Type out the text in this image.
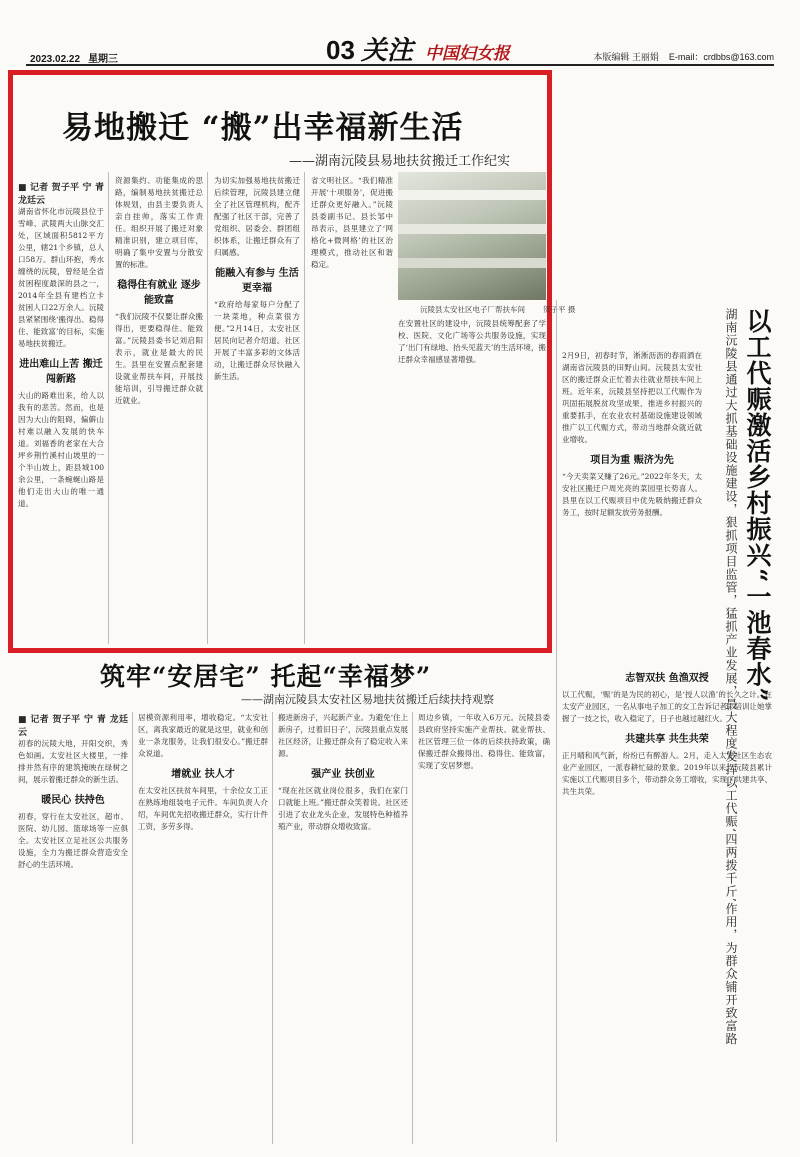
2023.02.22 星期三	03 关注 中国妇女报	本版编辑 王丽娟 E-mail：crdbbs@163.com
易地搬迁 “搬”出幸福新生活
——湖南沅陵县易地扶贫搬迁工作纪实
■ 记者 贺子平 宁 青 龙廷云

湖南省怀化市沅陵县位于雪峰、武陵两大山脉交汇处，区域面积5812平方公里，辖21个乡镇，总人口58万。群山环抱，秀水缠绕的沅陵，曾经是全省贫困程度最深的县之一，2014年全县有建档立卡贫困人口22万余人。沅陵县紧紧围绕‘搬得出、稳得住、能致富’的目标，实施易地扶贫搬迁。

进出难山上苦 搬迁闯新路

大山的路难出来，给人以我有的悲苦。然而，也是因为大山的阻碍，偏僻山村难以融入发展的快车道。刘福香的老家在大合坪乡荆竹溪村山坡里的一个半山坡上，距县城100余公里，一条蜿蜒山路是他们走出大山的唯一通道。

资源集约、功能集成的思路，编制易地扶贫搬迁总体规划，由县主要负责人亲自挂帅，落实工作责任。组织开展了搬迁对象精准识别，建立项目库，明确了集中安置与分散安置的标准。

稳得住有就业 逐步能致富

“我们沅陵不仅要让群众搬得出，更要稳得住、能致富。”沅陵县委书记刘启阳表示，就业是最大的民生。县里在安置点配套建设就业帮扶车间，开展技能培训，引导搬迁群众就近就业。

为切实加强易地扶贫搬迁后续管理，沅陵县建立健全了社区管理机构，配齐配强了社区干部，完善了党组织、居委会、群团组织体系，让搬迁群众有了归属感。

能融入有参与 生活更幸福

“政府给每家每户分配了一块菜地，种点菜很方便。”2月14日，太安社区居民向记者介绍道。社区开展了丰富多彩的文体活动，让搬迁群众尽快融入新生活。

省文明社区。“我们精准开展‘十项服务’，促进搬迁群众更好融入。”沅陵县委副书记、县长邹中昂表示，县里建立了‘网格化+微网格’的社区治理模式，推动社区和谐稳定。

在安置社区的建设中，沅陵县统筹配套了学校、医院、文化广场等公共服务设施，实现了‘出门有绿地、抬头见蓝天’的生活环境，搬迁群众幸福感显著增强。

沅陵县太安社区电子厂帮扶车间 贺子平 摄	以工代赈激活乡村振兴“一池春水”
湖南沅陵县通过大抓基础设施建设，狠抓项目监管，猛抓产业发展，最大程度发挥以工代赈‘四两拨千斤’作用，为群众铺开致富路

2月9日，初春时节，淅淅沥沥的春雨洒在湖南省沅陵县的田野山间。沅陵县太安社区的搬迁群众正忙着去往就业帮扶车间上班。近年来，沅陵县坚持把以工代赈作为巩固拓展脱贫攻坚成果、推进乡村振兴的重要抓手，在农业农村基础设施建设领域推广以工代赈方式，带动当地群众就近就业增收。

项目为重 赈济为先

“今天卖菜又赚了26元。”2022年冬天，太安社区搬迁户周光亮的菜园里长势喜人。县里在以工代赈项目中优先吸纳搬迁群众务工，按时足额发放劳务报酬。

志智双扶 鱼渔双授

以工代赈，‘赈’的是为民的初心，是‘授人以渔’的长久之计。在太安产业园区，一名从事电子加工的女工告诉记者，培训让她掌握了一技之长，收入稳定了，日子也越过越红火。

共建共享 共生共荣

正月晴和风气新，纷纷已有醉游人。2月，走入太安社区生态农业产业园区，一派春耕忙碌的景象。2019年以来，沅陵县累计实施以工代赈项目多个，带动群众务工增收，实现了共建共享、共生共荣。

筑牢“安居宅” 托起“幸福梦”
——湖南沅陵县太安社区易地扶贫搬迁后续扶持观察
■ 记者 贺子平 宁 青 龙廷云

初春的沅陵大地，开阳交织，秀色如画。太安社区大楼里，一排排井然有序的建筑掩映在绿树之间，展示着搬迁群众的新生活。

暖民心 扶持色

初春，穿行在太安社区，超市、医院、幼儿园、篮球场等一应俱全。太安社区立足社区公共服务设施，全力为搬迁群众营造安全舒心的生活环境。

居模资源利用率，增收稳定。“太安社区，离我家最近的就是这里，就业和创业一条龙服务，让我们很安心。”搬迁群众说道。

增就业 扶人才

在太安社区扶贫车间里，十余位女工正在熟练地组装电子元件。车间负责人介绍，车间优先招收搬迁群众，实行计件工资，多劳多得。

搬进新房子，兴起新产业。为避免‘住上新房子，过着旧日子’，沅陵县重点发展社区经济，让搬迁群众有了稳定收入来源。

强产业 扶创业

“现在社区就业岗位很多，我们在家门口就能上班。”搬迁群众笑着说。社区还引进了农业龙头企业，发展特色种植养殖产业，带动群众增收致富。

周边乡镇，一年收入6万元。沅陵县委县政府坚持实施产业帮扶、就业帮扶、社区管理三位一体的后续扶持政策，确保搬迁群众搬得出、稳得住、能致富，实现了安居梦想。
